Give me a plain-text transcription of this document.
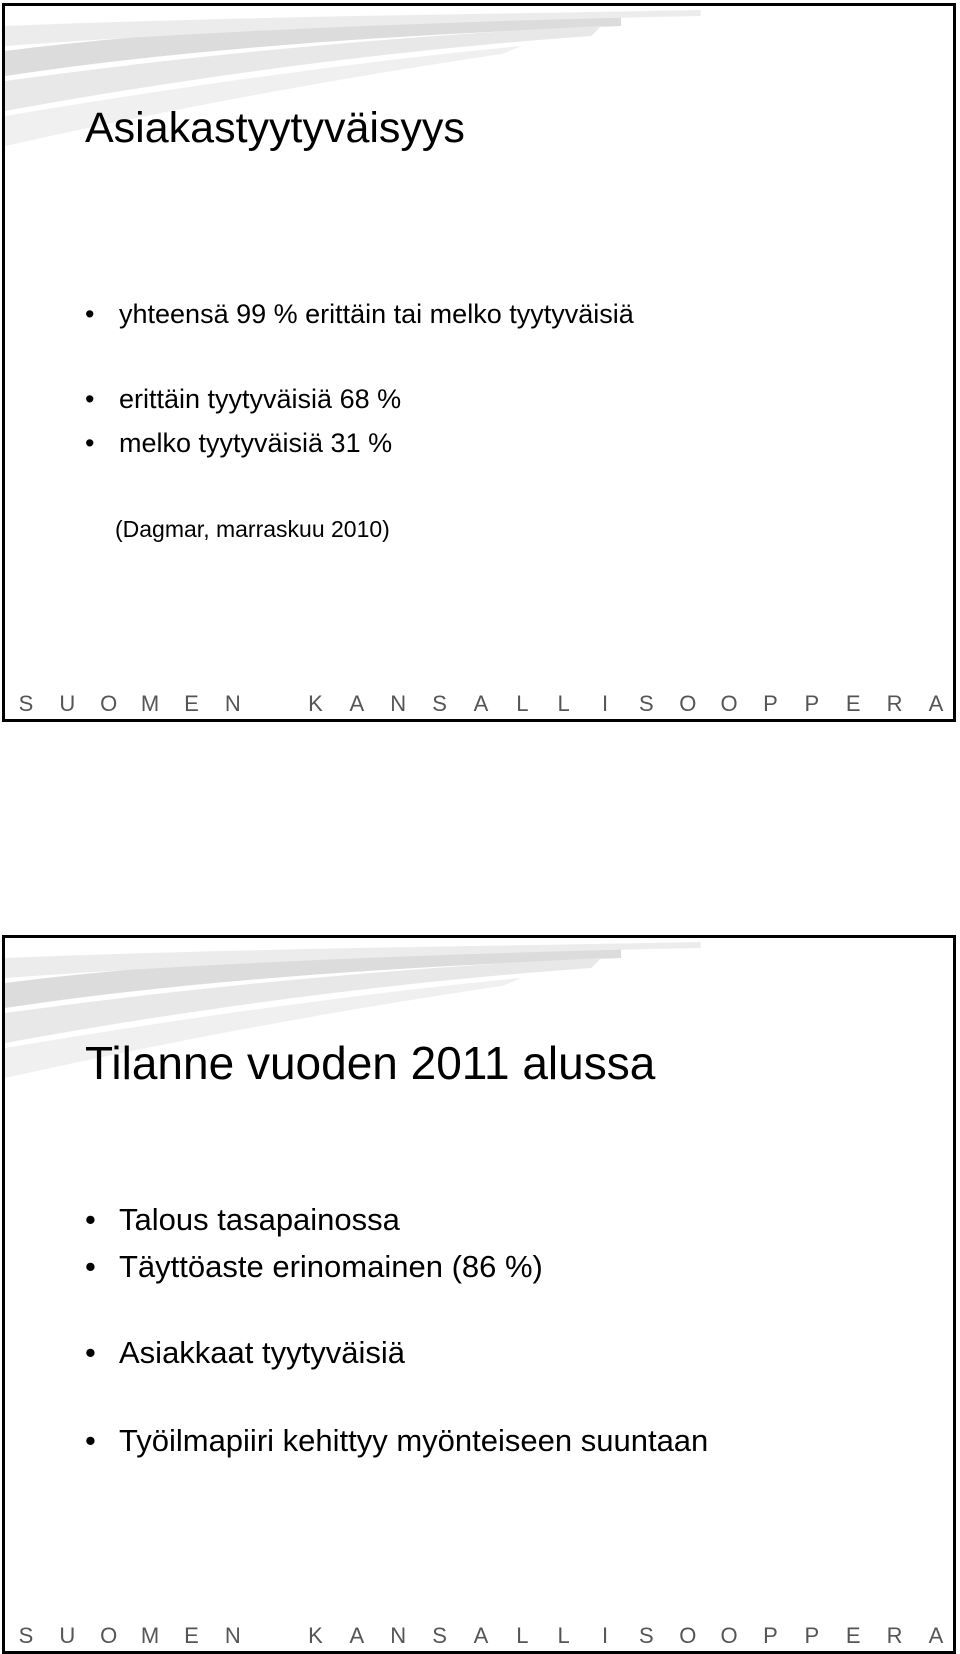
Asiakastyytyväisyys
• yhteensä 99 % erittäin tai melko tyytyväisiä
• erittäin tyytyväisiä 68 %
• melko tyytyväisiä 31 %
(Dagmar, marraskuu 2010)
S U O M E N
	K A N S A L L	I	S O O P P E R A
Tilanne vuoden 2011 alussa
• Talous tasapainossa
• Täyttöaste erinomainen (86 %)
• Asiakkaat tyytyväisiä
• Työilmapiiri kehittyy myönteiseen suuntaan
S U O M E N
	K A N S A L L	I	S O O P P E R A
